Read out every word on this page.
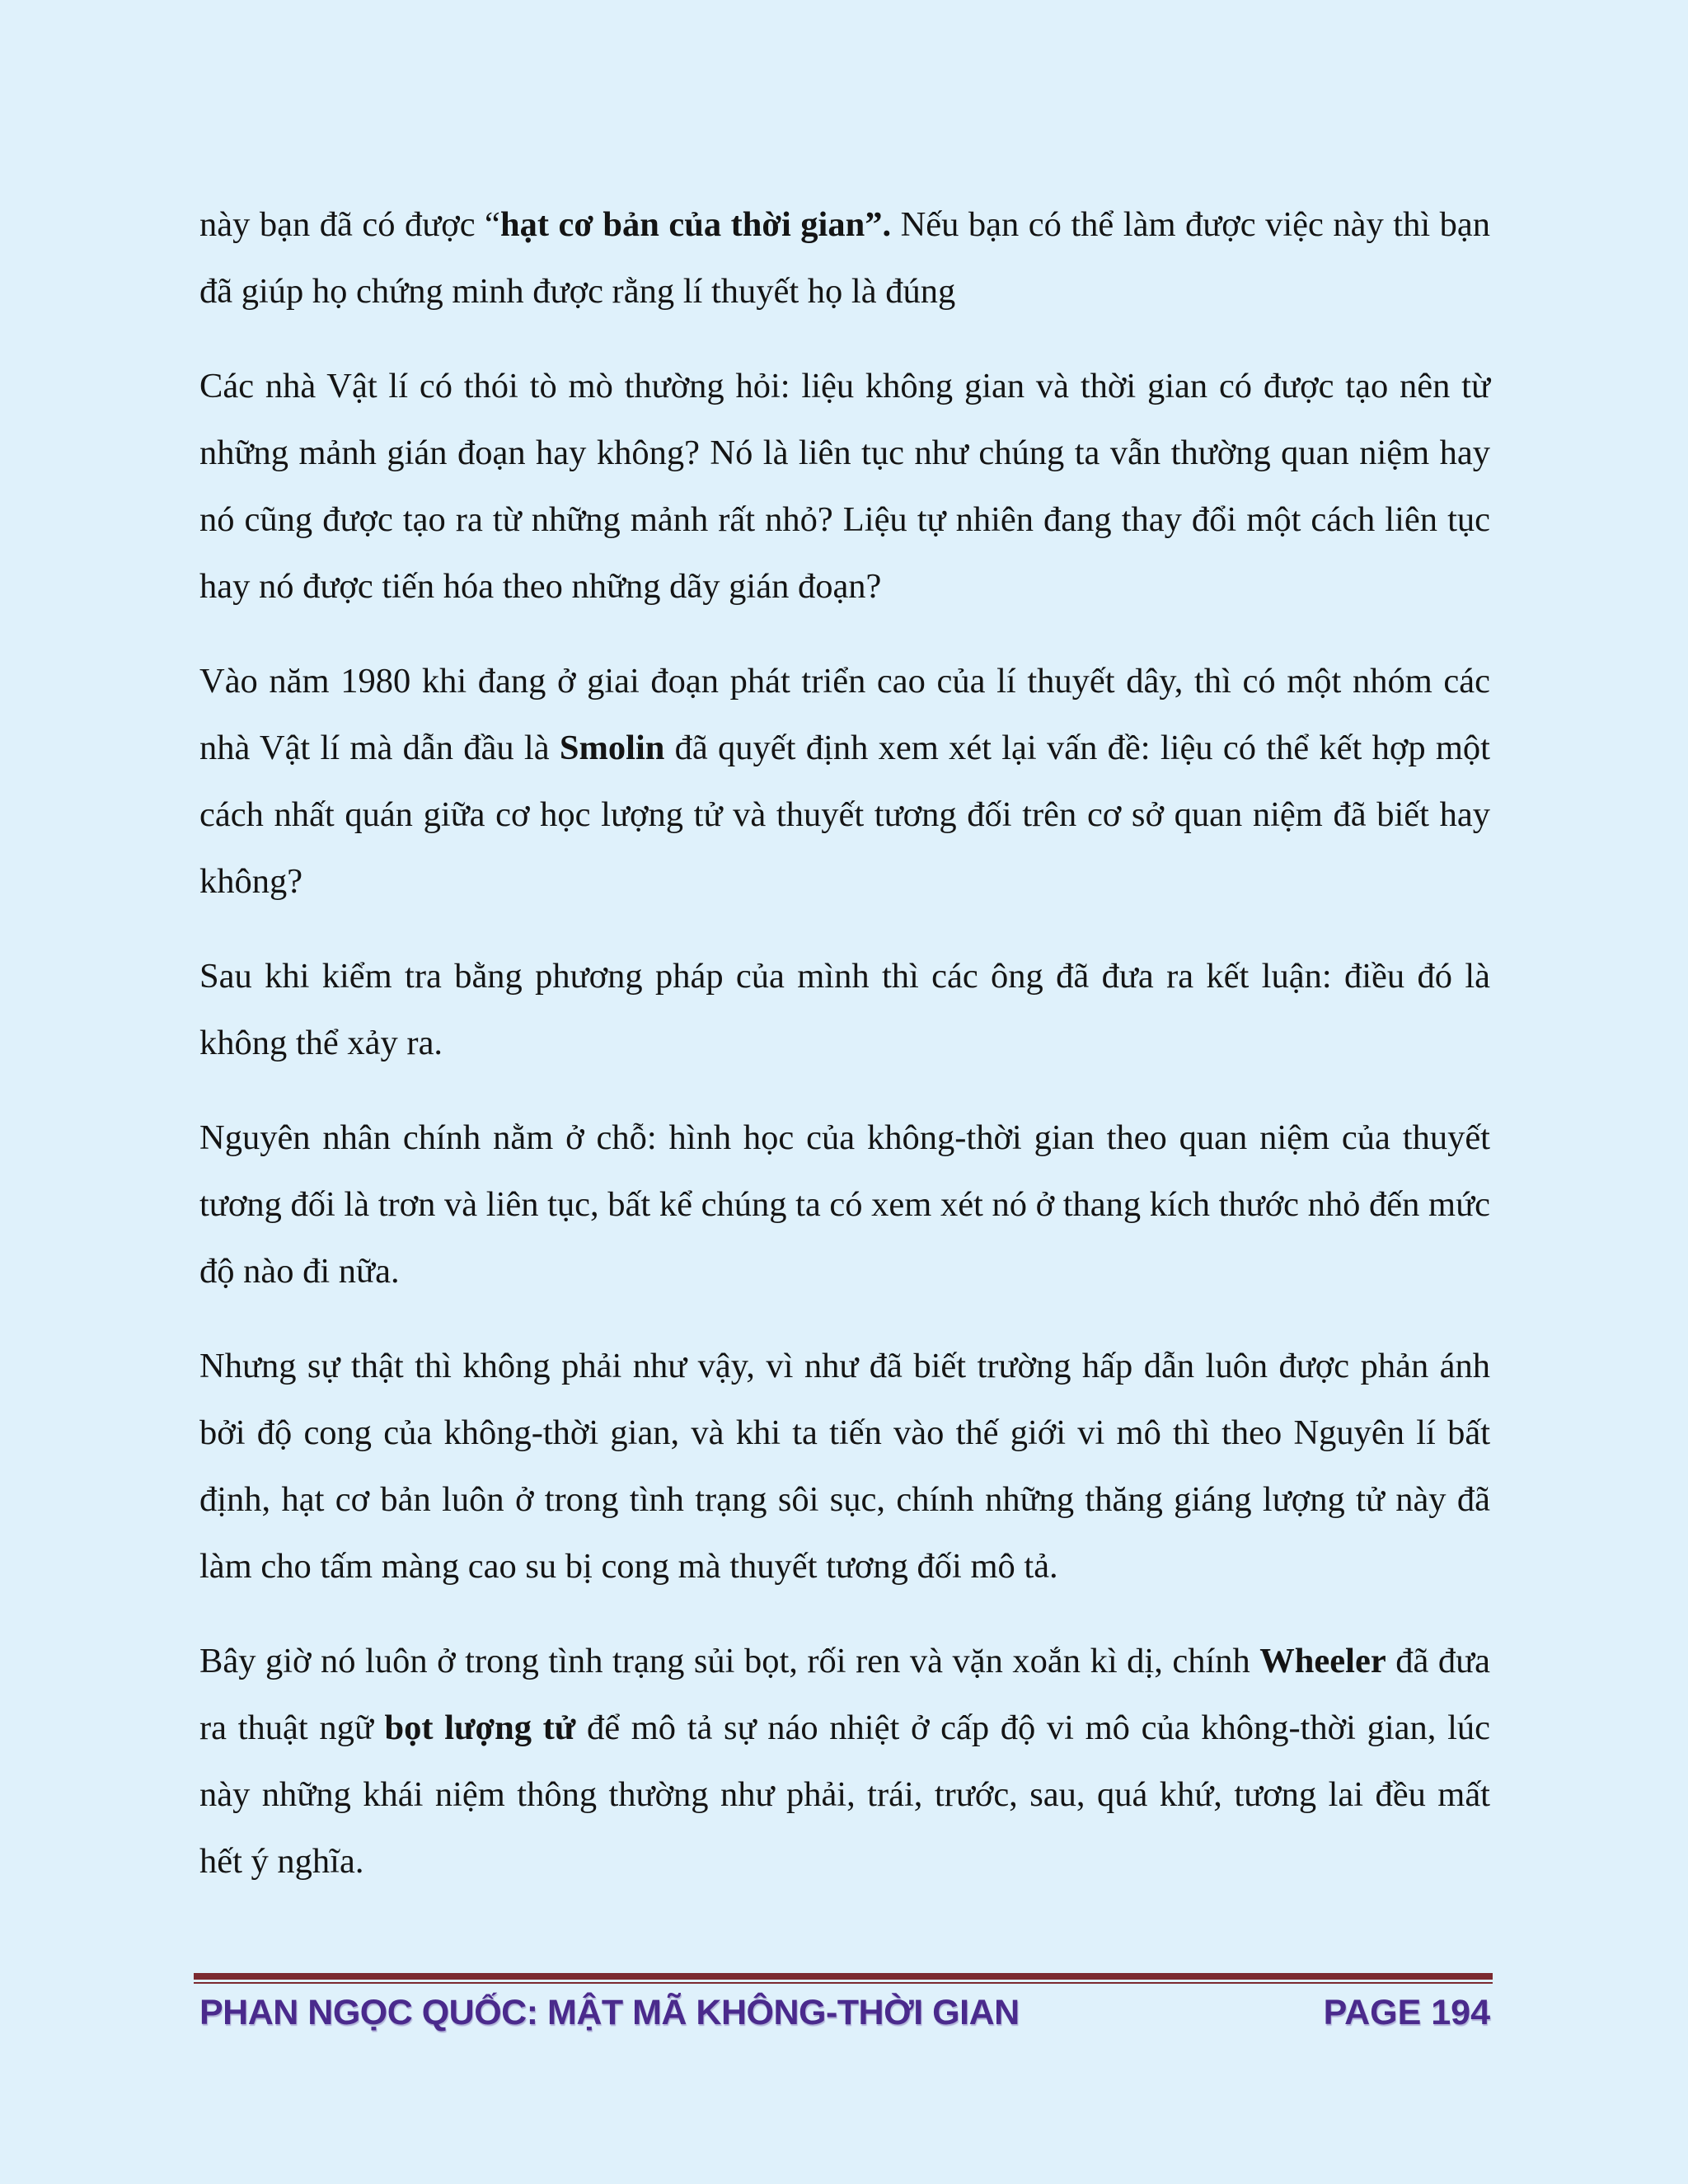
này bạn đã có được “hạt cơ bản của thời gian”. Nếu bạn có thể làm được việc này thì bạn đã giúp họ chứng minh được rằng lí thuyết họ là đúng

Các nhà Vật lí có thói tò mò thường hỏi: liệu không gian và thời gian có được tạo nên từ những mảnh gián đoạn hay không? Nó là liên tục như chúng ta vẫn thường quan niệm hay nó cũng được tạo ra từ những mảnh rất nhỏ? Liệu tự nhiên đang thay đổi một cách liên tục hay nó được tiến hóa theo những dãy gián đoạn?

Vào năm 1980 khi đang ở giai đoạn phát triển cao của lí thuyết dây, thì có một nhóm các nhà Vật lí mà dẫn đầu là Smolin đã quyết định xem xét lại vấn đề: liệu có thể kết hợp một cách nhất quán giữa cơ học lượng tử và thuyết tương đối trên cơ sở quan niệm đã biết hay không?

Sau khi kiểm tra bằng phương pháp của mình thì các ông đã đưa ra kết luận: điều đó là không thể xảy ra.

Nguyên nhân chính nằm ở chỗ: hình học của không-thời gian theo quan niệm của thuyết tương đối là trơn và liên tục, bất kể chúng ta có xem xét nó ở thang kích thước nhỏ đến mức độ nào đi nữa.

Nhưng sự thật thì không phải như vậy, vì như đã biết trường hấp dẫn luôn được phản ánh bởi độ cong của không-thời gian, và khi ta tiến vào thế giới vi mô thì theo Nguyên lí bất định, hạt cơ bản luôn ở trong tình trạng sôi sục, chính những thăng giáng lượng tử này đã làm cho tấm màng cao su bị cong mà thuyết tương đối mô tả.

Bây giờ nó luôn ở trong tình trạng sủi bọt, rối ren và vặn xoắn kì dị, chính Wheeler đã đưa ra thuật ngữ bọt lượng tử để mô tả sự náo nhiệt ở cấp độ vi mô của không-thời gian, lúc này những khái niệm thông thường như phải, trái, trước, sau, quá khứ, tương lai đều mất hết ý nghĩa.

PHAN NGỌC QUỐC: MẬT MÃ KHÔNG-THỜI GIAN	PAGE 194
